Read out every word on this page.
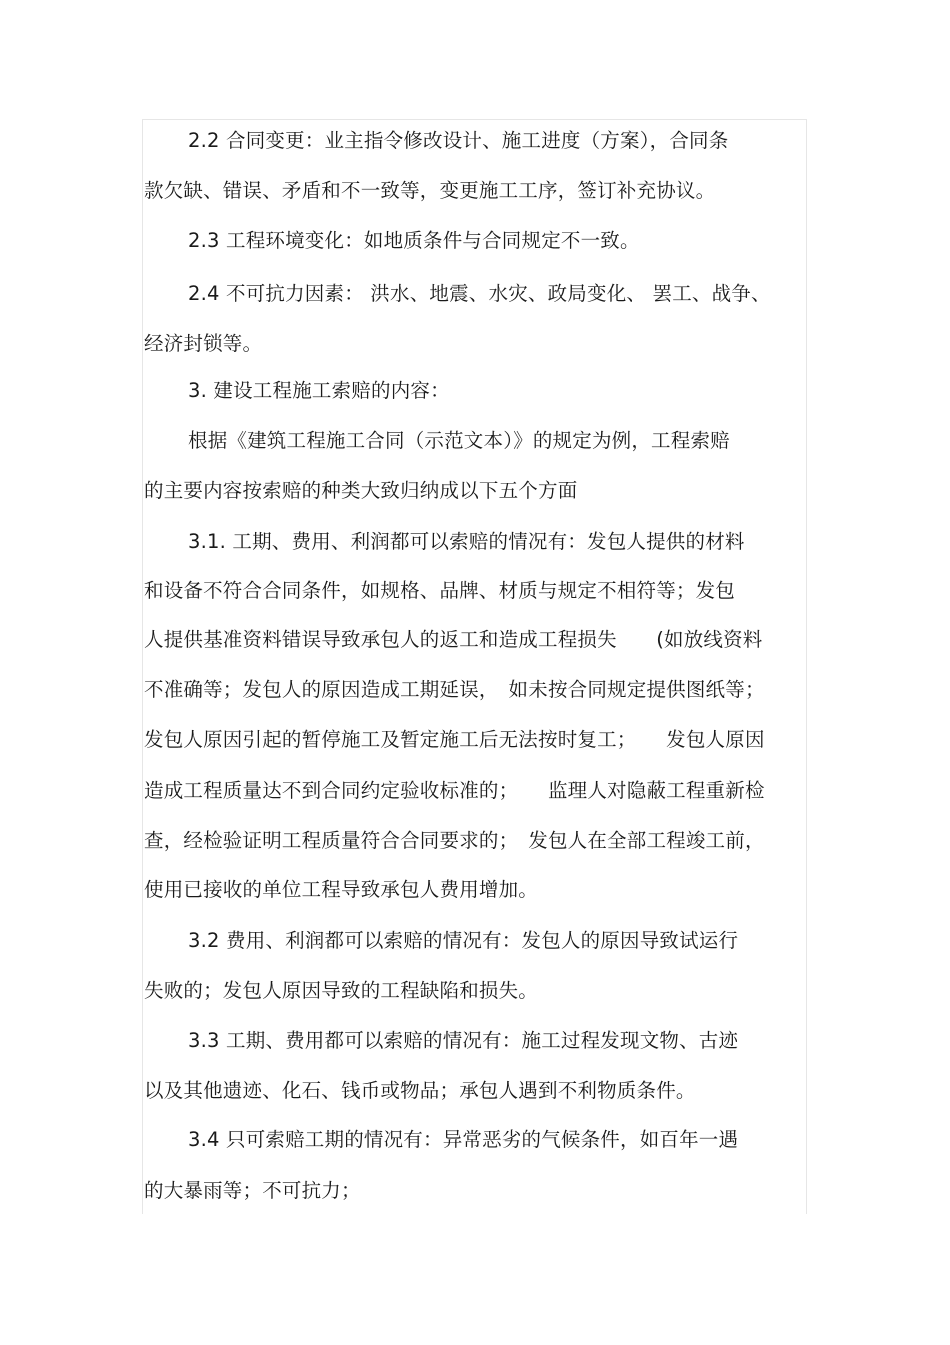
2.2 合同变更：业主指令修改设计、施工进度（方案），合同条
款欠缺、错误、矛盾和不一致等，变更施工工序，签订补充协议。
2.3 工程环境变化：如地质条件与合同规定不一致。
2.4 不可抗力因素： 洪水、地震、水灾、政局变化、 罢工、战争、
经济封锁等。
3. 建设工程施工索赔的内容：
根据《建筑工程施工合同（示范文本）》的规定为例，工程索赔
的主要内容按索赔的种类大致归纳成以下五个方面
3.1. 工期、费用、利润都可以索赔的情况有：发包人提供的材料
和设备不符合合同条件，如规格、品牌、材质与规定不相符等；发包
人提供基准资料错误导致承包人的返工和造成工程损失　　(如放线资料
不准确等；发包人的原因造成工期延误，　如未按合同规定提供图纸等；
发包人原因引起的暂停施工及暂定施工后无法按时复工；　　发包人原因
造成工程质量达不到合同约定验收标准的；　　监理人对隐蔽工程重新检
查，经检验证明工程质量符合合同要求的；　发包人在全部工程竣工前，
使用已接收的单位工程导致承包人费用增加。
3.2 费用、利润都可以索赔的情况有：发包人的原因导致试运行
失败的；发包人原因导致的工程缺陷和损失。
3.3 工期、费用都可以索赔的情况有：施工过程发现文物、古迹
以及其他遗迹、化石、钱币或物品；承包人遇到不利物质条件。
3.4 只可索赔工期的情况有：异常恶劣的气候条件，如百年一遇
的大暴雨等；不可抗力；
